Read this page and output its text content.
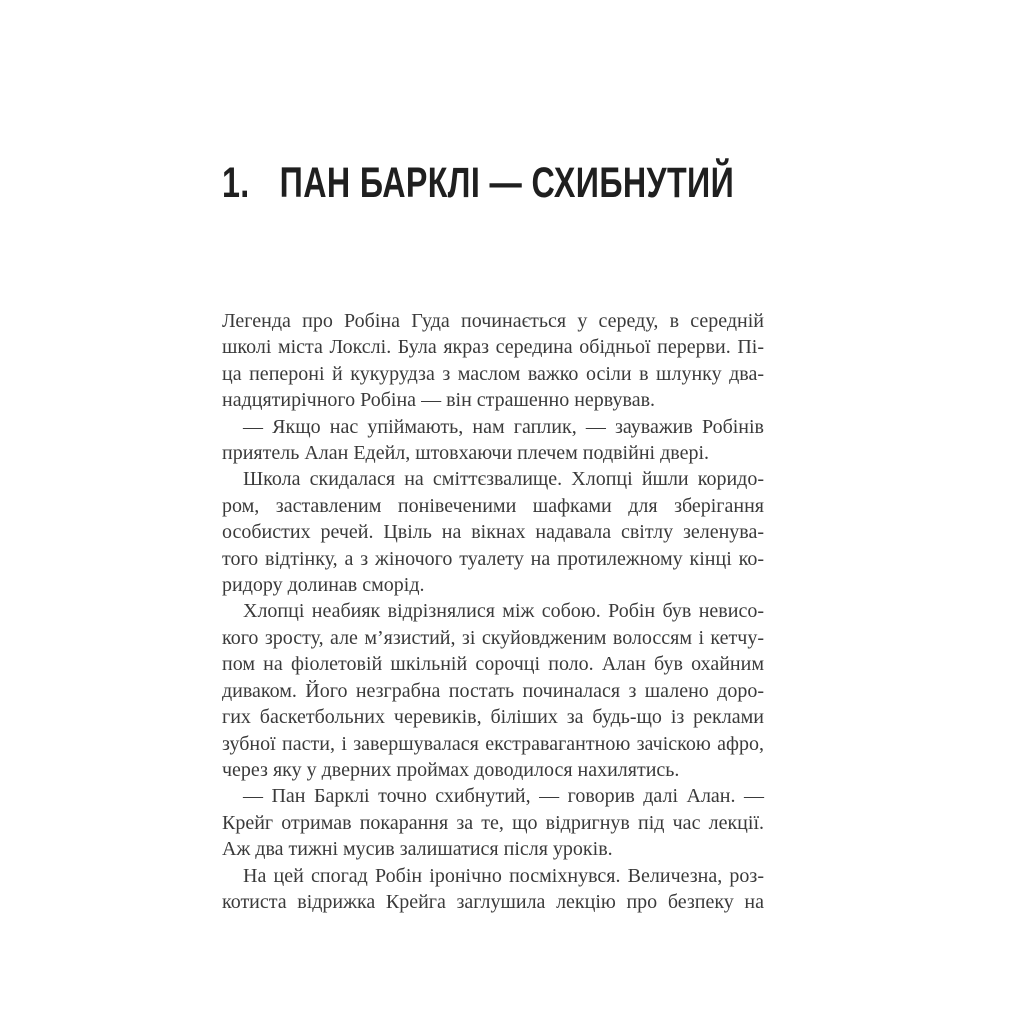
1. ПАН БАРКЛІ — СХИБНУТИЙ
Легенда про Робіна Гуда починається у середу, в середній
школі міста Локслі. Була якраз середина обідньої перерви. Пі-
ца пепероні й кукурудза з маслом важко осіли в шлунку два-
надцятирічного Робіна — він страшенно нервував.
— Якщо нас упіймають, нам гаплик, — зауважив Робінів
приятель Алан Едейл, штовхаючи плечем подвійні двері.
Школа скидалася на сміттєзвалище. Хлопці йшли коридо-
ром, заставленим понівеченими шафками для зберігання
особистих речей. Цвіль на вікнах надавала світлу зеленува-
того відтінку, а з жіночого туалету на протилежному кінці ко-
ридору долинав сморід.
Хлопці неабияк відрізнялися між собою. Робін був невисо-
кого зросту, але м’язистий, зі скуйовдженим волоссям і кетчу-
пом на фіолетовій шкільній сорочці поло. Алан був охайним
диваком. Його незграбна постать починалася з шалено доро-
гих баскетбольних черевиків, біліших за будь-що із реклами
зубної пасти, і завершувалася екстравагантною зачіскою афро,
через яку у дверних проймах доводилося нахилятись.
— Пан Барклі точно схибнутий, — говорив далі Алан. —
Крейг отримав покарання за те, що відригнув під час лекції.
Аж два тижні мусив залишатися після уроків.
На цей спогад Робін іронічно посміхнувся. Величезна, роз-
котиста відрижка Крейга заглушила лекцію про безпеку на
